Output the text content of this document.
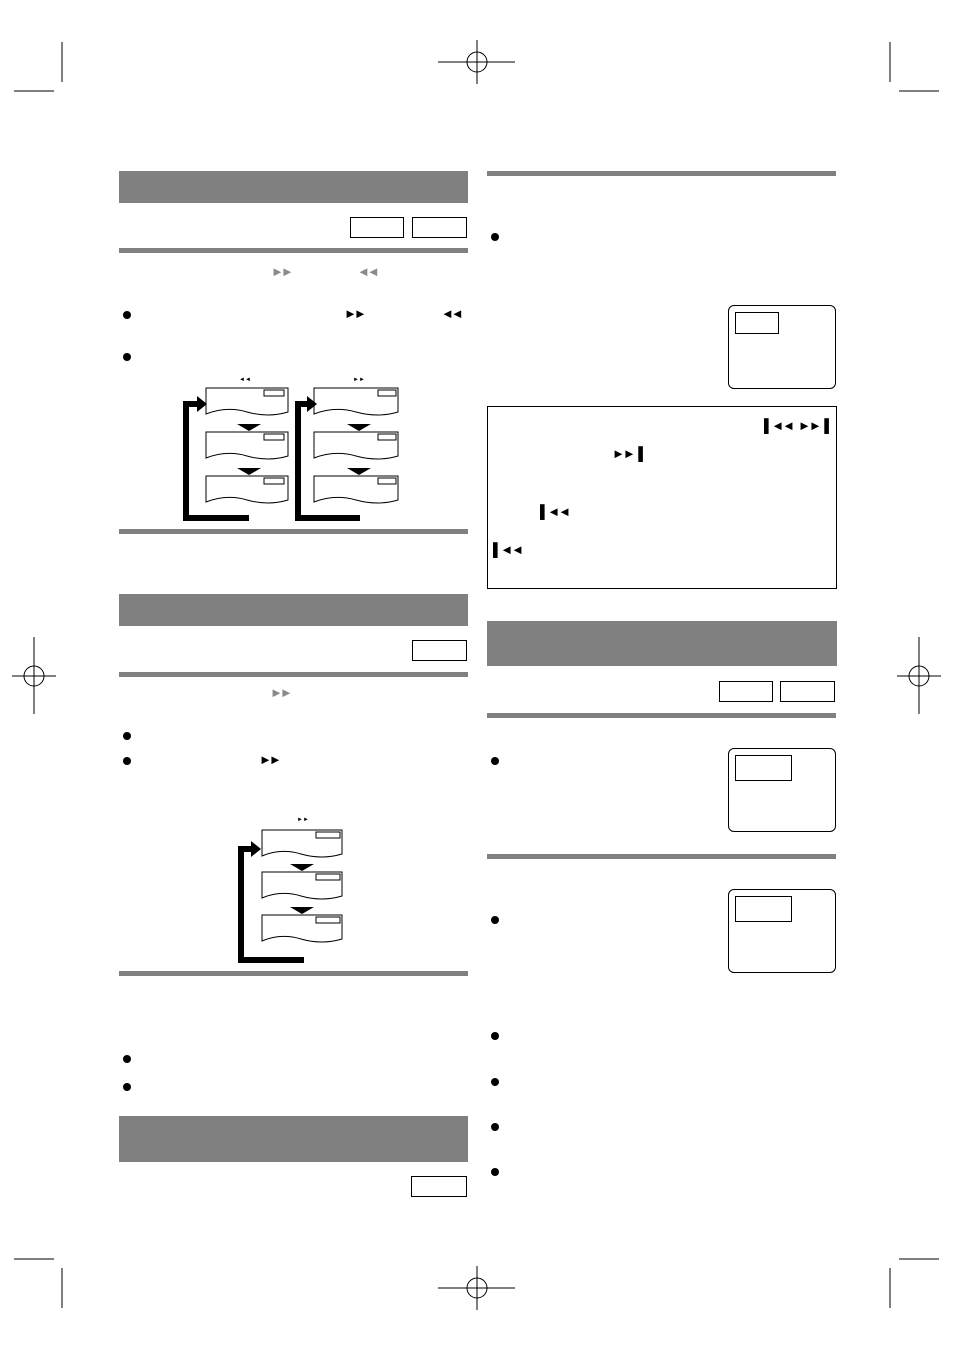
►►	◄◄
►►	◄◄
◄◄	►►
►►
►►
►►
▌◄◄ ►►▐
►►▐
▌◄◄
▌◄◄
